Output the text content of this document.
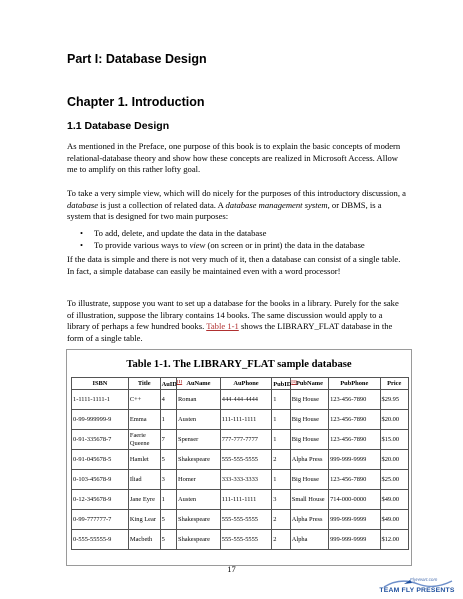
Part I: Database Design
Chapter 1. Introduction
1.1 Database Design

As mentioned in the Preface, one purpose of this book is to explain the basic concepts of modern relational-database theory and show how these concepts are realized in Microsoft Access. Allow me to amplify on this rather lofty goal.

To take a very simple view, which will do nicely for the purposes of this introductory discussion, a database is just a collection of related data. A database management system, or DBMS, is a system that is designed for two main purposes:

• To add, delete, and update the data in the database
• To provide various ways to view (on screen or in print) the data in the database

If the data is simple and there is not very much of it, then a database can consist of a single table. In fact, a simple database can easily be maintained even with a word processor!

To illustrate, suppose you want to set up a database for the books in a library. Purely for the sake of illustration, suppose the library contains 14 books. The same discussion would apply to a library of perhaps a few hundred books. Table 1-1 shows the LIBRARY_FLAT database in the form of a single table.

Table 1-1. The LIBRARY_FLAT sample database
ISBN	Title	AuID[1]	AuName	AuPhone	PubID[1]	PubName	PubPhone	Price
1-1111-1111-1	C++	4	Roman	444-444-4444	1	Big House	123-456-7890	$29.95
0-99-999999-9	Emma	1	Austen	111-111-1111	1	Big House	123-456-7890	$20.00
0-91-335678-7	Faerie Queene	7	Spenser	777-777-7777	1	Big House	123-456-7890	$15.00
0-91-045678-5	Hamlet	5	Shakespeare	555-555-5555	2	Alpha Press	999-999-9999	$20.00
0-103-45678-9	Iliad	3	Homer	333-333-3333	1	Big House	123-456-7890	$25.00
0-12-345678-9	Jane Eyre	1	Austen	111-111-1111	3	Small House	714-000-0000	$49.00
0-99-777777-7	King Lear	5	Shakespeare	555-555-5555	2	Alpha Press	999-999-9999	$49.00
0-555-55555-9	Macbeth	5	Shakespeare	555-555-5555	2	Alpha	999-999-9999	$12.00
17
FlyHeart.com
TEAM FLY PRESENTS
